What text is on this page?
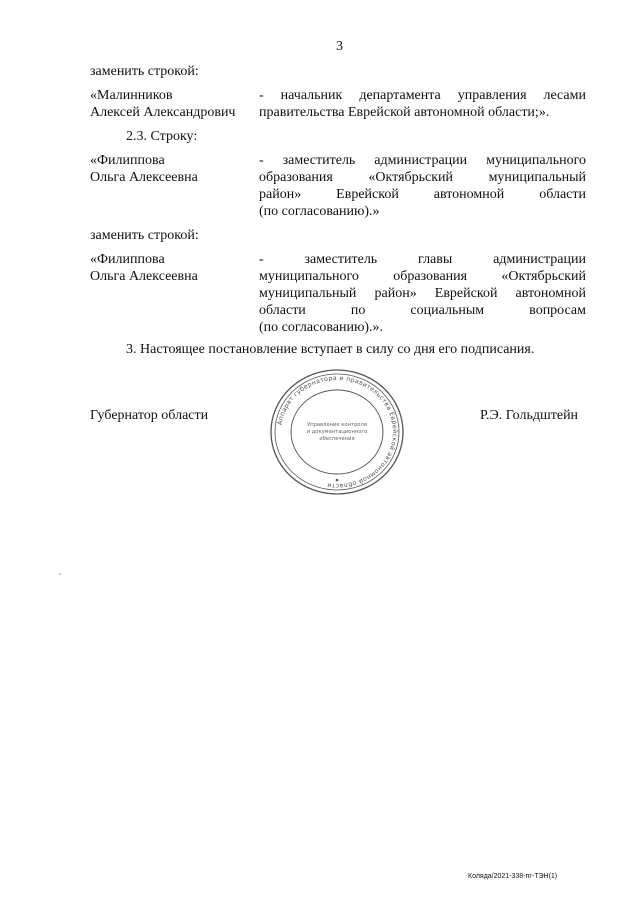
3
заменить строкой:
«Малинников
Алексей Александрович
- начальник департамента управления лесами
правительства Еврейской автономной области;».
2.3. Строку:
«Филиппова
Ольга Алексеевна
- заместитель администрации муниципального
образования «Октябрьский муниципальный
район» Еврейской автономной области
(по согласованию).»
заменить строкой:
«Филиппова
Ольга Алексеевна
- заместитель главы администрации
муниципального образования «Октябрьский
муниципальный район» Еврейской автономной
области по социальным вопросам
(по согласованию).».
3. Настоящее постановление вступает в силу со дня его подписания.
Губернатор области	Р.Э. Гольдштейн
Аппарат губернатора и правительства Еврейской автономной области
Управление контроля
и документационного
обеспечения
Коляда/2021-338-пг-ТЭН(1)
